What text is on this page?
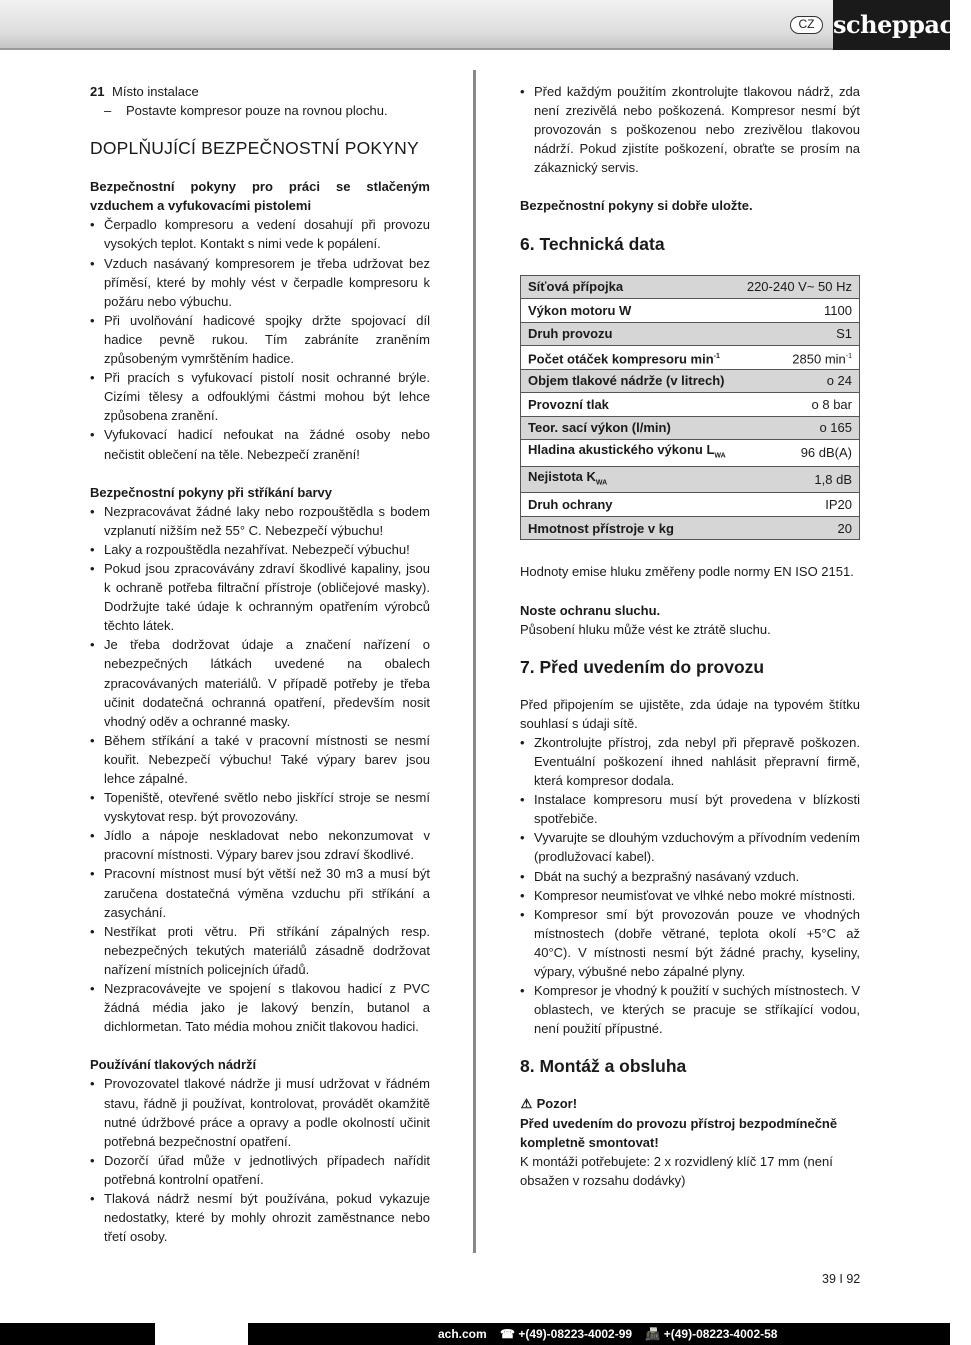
CZ scheppach
21 Místo instalace
– Postavte kompresor pouze na rovnou plochu.
DOPLŇUJÍCÍ BEZPEČNOSTNÍ POKYNY

Bezpečnostní pokyny pro práci se stlačeným vzduchem a vyfukovacími pistolemi

• Čerpadlo kompresoru a vedení dosahují při provozu vysokých teplot. Kontakt s nimi vede k popálení.
• Vzduch nasávaný kompresorem je třeba udržovat bez příměsí, které by mohly vést v čerpadle kompresoru k požáru nebo výbuchu.
• Při uvolňování hadicové spojky držte spojovací díl hadice pevně rukou. Tím zabráníte zraněním způsobeným vymrštěním hadice.
• Při pracích s vyfukovací pistolí nosit ochranné brýle. Cizími tělesy a odfouklými částmi mohou být lehce způsobena zranění.
• Vyfukovací hadicí nefoukat na žádné osoby nebo nečistit oblečení na těle. Nebezpečí zranění!

Bezpečnostní pokyny při stříkání barvy

• Nezpracovávat žádné laky nebo rozpouštědla s bodem vzplanutí nižším než 55° C. Nebezpečí výbuchu!
• Laky a rozpouštědla nezahřívat. Nebezpečí výbuchu!
• Pokud jsou zpracovávány zdraví škodlivé kapaliny, jsou k ochraně potřeba filtrační přístroje (obličejové masky). Dodržujte také údaje k ochranným opatřením výrobců těchto látek.
• Je třeba dodržovat údaje a značení nařízení o nebezpečných látkách uvedené na obalech zpracovávaných materiálů. V případě potřeby je třeba učinit dodatečná ochranná opatření, především nosit vhodný oděv a ochranné masky.
• Během stříkání a také v pracovní místnosti se nesmí kouřit. Nebezpečí výbuchu! Také výpary barev jsou lehce zápalné.
• Topeniště, otevřené světlo nebo jiskřící stroje se nesmí vyskytovat resp. být provozovány.
• Jídlo a nápoje neskladovat nebo nekonzumovat v pracovní místnosti. Výpary barev jsou zdraví škodlivé.
• Pracovní místnost musí být větší než 30 m3 a musí být zaručena dostatečná výměna vzduchu při stříkání a zasychání.
• Nestříkat proti větru. Při stříkání zápalných resp. nebezpečných tekutých materiálů zásadně dodržovat nařízení místních policejních úřadů.
• Nezpracovávejte ve spojení s tlakovou hadicí z PVC žádná média jako je lakový benzín, butanol a dichlormetan. Tato média mohou zničit tlakovou hadici.

Používání tlakových nádrží

• Provozovatel tlakové nádrže ji musí udržovat v řádném stavu, řádně ji používat, kontrolovat, provádět okamžitě nutné údržbové práce a opravy a podle okolností učinit potřebná bezpečnostní opatření.
• Dozorčí úřad může v jednotlivých případech nařídit potřebná kontrolní opatření.
• Tlaková nádrž nesmí být používána, pokud vykazuje nedostatky, které by mohly ohrozit zaměstnance nebo třetí osoby.
• Před každým použitím zkontrolujte tlakovou nádrž, zda není zrezivělá nebo poškozená. Kompresor nesmí být provozován s poškozenou nebo zrezivělou tlakovou nádrží. Pokud zjistíte poškození, obraťte se prosím na zákaznický servis.

Bezpečnostní pokyny si dobře uložte.

6. Technická data
Síťová přípojka	220-240 V~ 50 Hz
Výkon motoru W	1100
Druh provozu	S1
Počet otáček kompresoru $\min^{-1}$	2850 $\min^{-1}$
Objem tlakové nádrže (v litrech)	o 24
Provozní tlak	o 8 bar
Teor. sací výkon (l/min)	o 165
Hladina akustického výkonu $L_{WA}$	96 dB(A)
Nejistota $K_{WA}$	1,8 dB
Druh ochrany	IP20
Hmotnost přístroje v kg	20

Hodnoty emise hluku změřeny podle normy EN ISO 2151.

Noste ochranu sluchu.

Působení hluku může vést ke ztrátě sluchu.

7. Před uvedením do provozu

Před připojením se ujistěte, zda údaje na typovém štítku souhlasí s údaji sítě.

• Zkontrolujte přístroj, zda nebyl při přepravě poškozen. Eventuální poškození ihned nahlásit přepravní firmě, která kompresor dodala.
• Instalace kompresoru musí být provedena v blízkosti spotřebiče.
• Vyvarujte se dlouhým vzduchovým a přívodním vedením (prodlužovací kabel).
• Dbát na suchý a bezprašný nasávaný vzduch.
• Kompresor neumisťovat ve vlhké nebo mokré místnosti.
• Kompresor smí být provozován pouze ve vhodných místnostech (dobře větrané, teplota okolí +5°C až 40°C). V místnosti nesmí být žádné prachy, kyseliny, výpary, výbušné nebo zápalné plyny.
• Kompresor je vhodný k použití v suchých místnostech. V oblastech, ve kterých se pracuje se stříkající vodou, není použití přípustné.
8. Montáž a obsluha

⚠ Pozor!

Před uvedením do provozu přístroj bezpodmínečně kompletně smontovat!

K montáži potřebujete: 2 x rozvidlený klíč 17 mm (není obsažen v rozsahu dodávky)

39 I 92
ach.com ☎ +(49)-08223-4002-99 📠 +(49)-08223-4002-58
